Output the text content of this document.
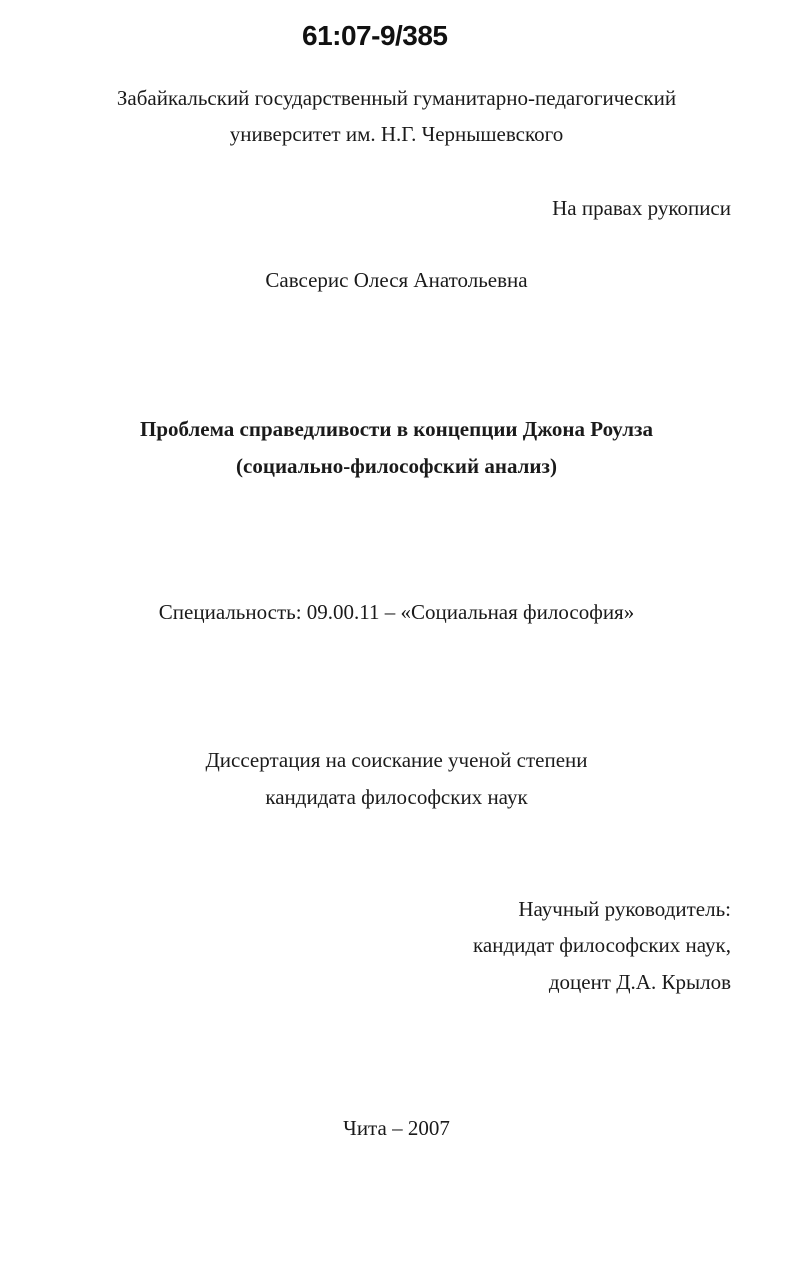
61:07-9/385
Забайкальский государственный гуманитарно-педагогический
университет им. Н.Г. Чернышевского
На правах рукописи
Савсерис Олеся Анатольевна
Проблема справедливости в концепции Джона Роулза
(социально-философский анализ)
Специальность: 09.00.11 – «Социальная философия»
Диссертация на соискание ученой степени
кандидата философских наук
Научный руководитель:
кандидат философских наук,
доцент Д.А. Крылов
Чита – 2007
